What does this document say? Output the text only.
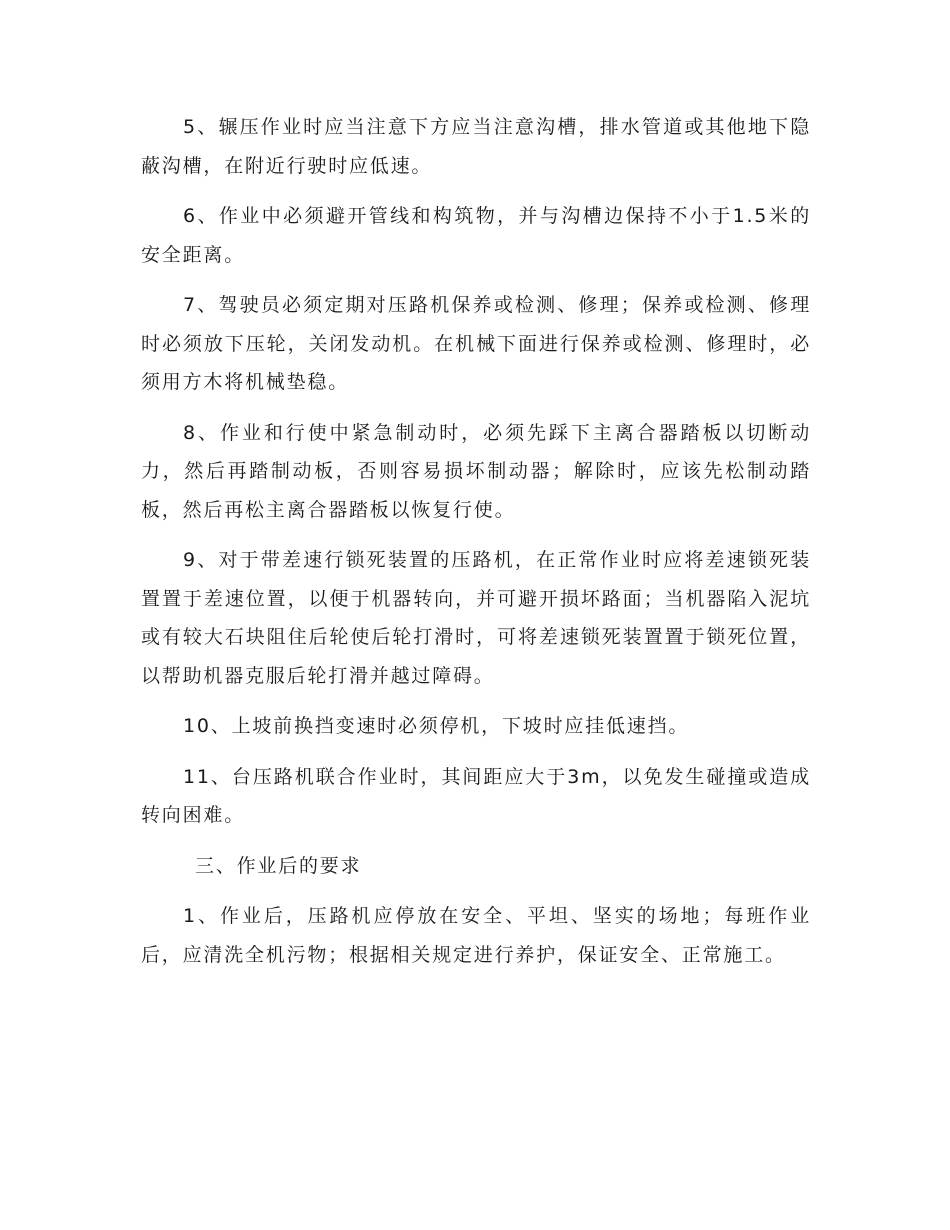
5、辗压作业时应当注意下方应当注意沟槽，排水管道或其他地下隐蔽沟槽，在附近行驶时应低速。

6、作业中必须避开管线和构筑物，并与沟槽边保持不小于1.5米的安全距离。

7、驾驶员必须定期对压路机保养或检测、修理；保养或检测、修理时必须放下压轮，关闭发动机。在机械下面进行保养或检测、修理时，必须用方木将机械垫稳。

8、作业和行使中紧急制动时，必须先踩下主离合器踏板以切断动力，然后再踏制动板，否则容易损坏制动器；解除时，应该先松制动踏板，然后再松主离合器踏板以恢复行使。

9、对于带差速行锁死装置的压路机，在正常作业时应将差速锁死装置置于差速位置，以便于机器转向，并可避开损坏路面；当机器陷入泥坑或有较大石块阻住后轮使后轮打滑时，可将差速锁死装置置于锁死位置，以帮助机器克服后轮打滑并越过障碍。

10、上坡前换挡变速时必须停机，下坡时应挂低速挡。

11、台压路机联合作业时，其间距应大于3m，以免发生碰撞或造成转向困难。

三、作业后的要求

1、作业后，压路机应停放在安全、平坦、坚实的场地；每班作业后，应清洗全机污物；根据相关规定进行养护，保证安全、正常施工。
